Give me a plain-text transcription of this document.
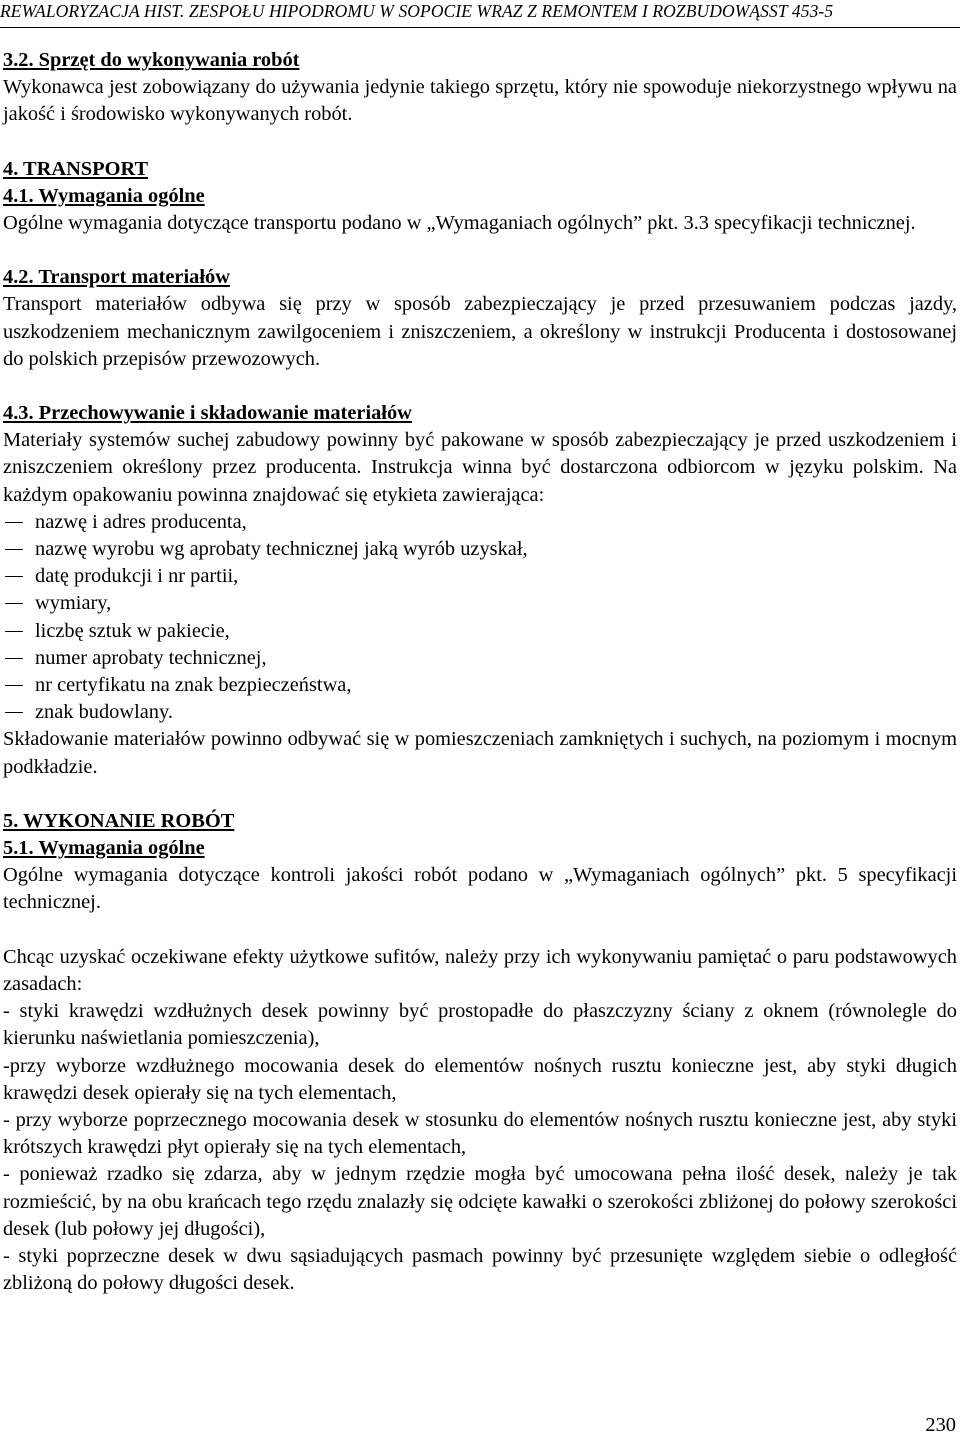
REWALORYZACJA HIST. ZESPOŁU HIPODROMU W SOPOCIE WRAZ Z REMONTEM I ROZBUDOWĄSST 453-5
3.2. Sprzęt do wykonywania robót
Wykonawca jest zobowiązany do używania jedynie takiego sprzętu, który nie spowoduje niekorzystnego wpływu na jakość i środowisko wykonywanych robót.
4. TRANSPORT
4.1. Wymagania ogólne
Ogólne wymagania dotyczące transportu podano w „Wymaganiach ogólnych” pkt. 3.3 specyfikacji technicznej.
4.2. Transport materiałów
Transport materiałów odbywa się przy w sposób zabezpieczający je przed przesuwaniem podczas jazdy, uszkodzeniem mechanicznym zawilgoceniem i zniszczeniem, a określony w instrukcji Producenta i dostosowanej do polskich przepisów przewozowych.
4.3. Przechowywanie i składowanie materiałów
Materiały systemów suchej zabudowy powinny być pakowane w sposób zabezpieczający je przed uszkodzeniem i zniszczeniem określony przez producenta. Instrukcja winna być dostarczona odbiorcom w języku polskim. Na każdym opakowaniu powinna znajdować się etykieta zawierająca:
nazwę i adres producenta,
nazwę wyrobu wg aprobaty technicznej jaką wyrób uzyskał,
datę produkcji i nr partii,
wymiary,
liczbę sztuk w pakiecie,
numer aprobaty technicznej,
nr certyfikatu na znak bezpieczeństwa,
znak budowlany.
Składowanie materiałów powinno odbywać się w pomieszczeniach zamkniętych i suchych, na poziomym i mocnym podkładzie.
5. WYKONANIE ROBÓT
5.1. Wymagania ogólne
Ogólne wymagania dotyczące kontroli jakości robót podano w „Wymaganiach ogólnych” pkt. 5 specyfikacji technicznej.
Chcąc uzyskać oczekiwane efekty użytkowe sufitów, należy przy ich wykonywaniu pamiętać o paru podstawowych zasadach:
- styki krawędzi wzdłużnych desek powinny być prostopadłe do płaszczyzny ściany z oknem (równolegle do kierunku naświetlania pomieszczenia),
-przy wyborze wzdłużnego mocowania desek do elementów nośnych rusztu konieczne jest, aby styki długich krawędzi desek opierały się na tych elementach,
- przy wyborze poprzecznego mocowania desek w stosunku do elementów nośnych rusztu konieczne jest, aby styki krótszych krawędzi płyt opierały się na tych elementach,
- ponieważ rzadko się zdarza, aby w jednym rzędzie mogła być umocowana pełna ilość desek, należy je tak rozmieścić, by na obu krańcach tego rzędu znalazły się odcięte kawałki o szerokości zbliżonej do połowy szerokości desek (lub połowy jej długości),
- styki poprzeczne desek w dwu sąsiadujących pasmach powinny być przesunięte względem siebie o odległość zbliżoną do połowy długości desek.
230
